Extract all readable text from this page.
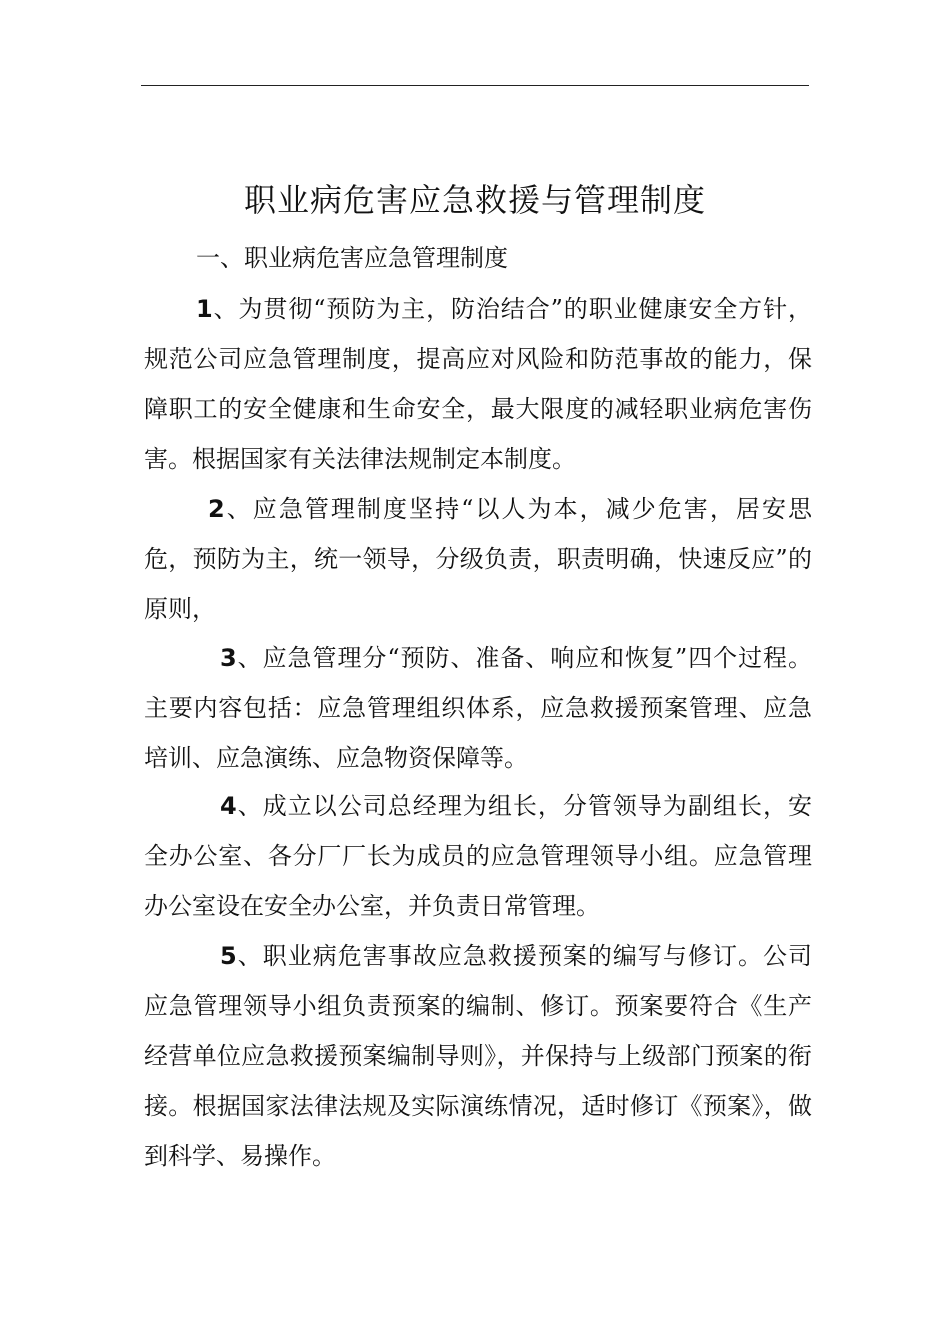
职业病危害应急救援与管理制度
一、职业病危害应急管理制度

1、为贯彻“预防为主，防治结合”的职业健康安全方针，规范公司应急管理制度，提高应对风险和防范事故的能力，保障职工的安全健康和生命安全，最大限度的减轻职业病危害伤害。根据国家有关法律法规制定本制度。

2、应急管理制度坚持“以人为本，减少危害，居安思危，预防为主，统一领导，分级负责，职责明确，快速反应”的原则，

3、应急管理分“预防、准备、响应和恢复”四个过程。主要内容包括：应急管理组织体系，应急救援预案管理、应急培训、应急演练、应急物资保障等。

4、成立以公司总经理为组长，分管领导为副组长，安全办公室、各分厂厂长为成员的应急管理领导小组。应急管理办公室设在安全办公室，并负责日常管理。

5、职业病危害事故应急救援预案的编写与修订。公司应急管理领导小组负责预案的编制、修订。预案要符合《生产经营单位应急救援预案编制导则》，并保持与上级部门预案的衔接。根据国家法律法规及实际演练情况，适时修订《预案》，做到科学、易操作。
